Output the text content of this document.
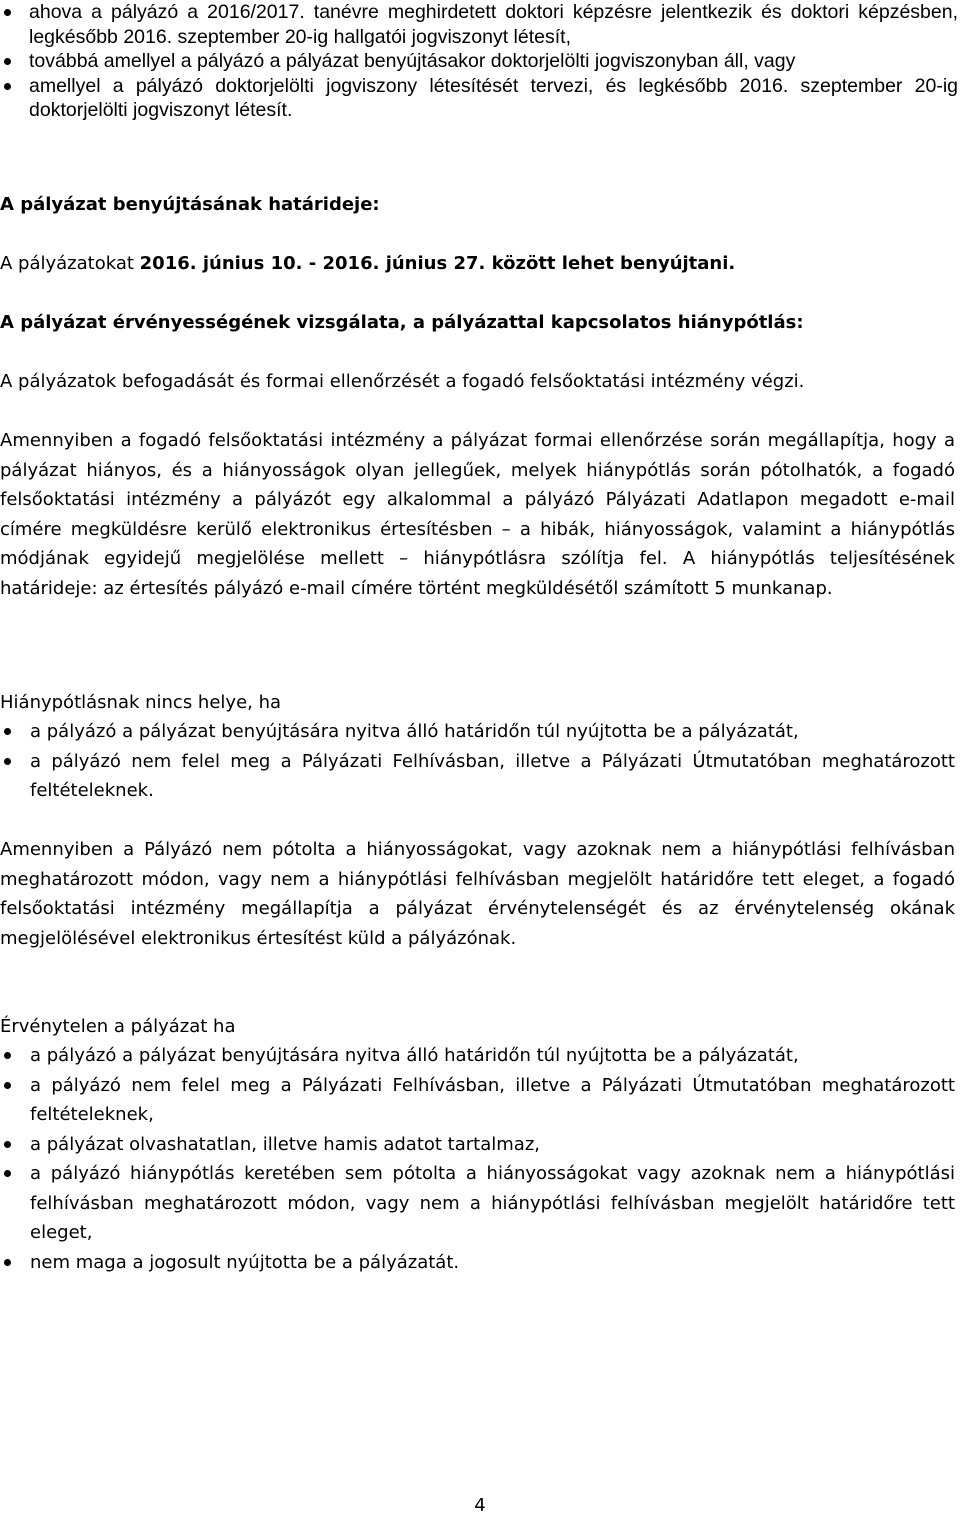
ahova a pályázó a 2016/2017. tanévre meghirdetett doktori képzésre jelentkezik és doktori képzésben, legkésőbb 2016. szeptember 20-ig hallgatói jogviszonyt létesít,
továbbá amellyel a pályázó a pályázat benyújtásakor doktorjelölti jogviszonyban áll, vagy
amellyel a pályázó doktorjelölti jogviszony létesítését tervezi, és legkésőbb 2016. szeptember 20-ig doktorjelölti jogviszonyt létesít.

A pályázat benyújtásának határideje:

A pályázatokat 2016. június 10. - 2016. június 27. között lehet benyújtani.

A pályázat érvényességének vizsgálata, a pályázattal kapcsolatos hiánypótlás:

A pályázatok befogadását és formai ellenőrzését a fogadó felsőoktatási intézmény végzi.

Amennyiben a fogadó felsőoktatási intézmény a pályázat formai ellenőrzése során megállapítja, hogy a pályázat hiányos, és a hiányosságok olyan jellegűek, melyek hiánypótlás során pótolhatók, a fogadó felsőoktatási intézmény a pályázót egy alkalommal a pályázó Pályázati Adatlapon megadott e-mail címére megküldésre kerülő elektronikus értesítésben – a hibák, hiányosságok, valamint a hiánypótlás módjának egyidejű megjelölése mellett – hiánypótlásra szólítja fel. A hiánypótlás teljesítésének határideje: az értesítés pályázó e-mail címére történt megküldésétől számított 5 munkanap.

Hiánypótlásnak nincs helye, ha

a pályázó a pályázat benyújtására nyitva álló határidőn túl nyújtotta be a pályázatát,
a pályázó nem felel meg a Pályázati Felhívásban, illetve a Pályázati Útmutatóban meghatározott feltételeknek.

Amennyiben a Pályázó nem pótolta a hiányosságokat, vagy azoknak nem a hiánypótlási felhívásban meghatározott módon, vagy nem a hiánypótlási felhívásban megjelölt határidőre tett eleget, a fogadó felsőoktatási intézmény megállapítja a pályázat érvénytelenségét és az érvénytelenség okának megjelölésével elektronikus értesítést küld a pályázónak.

Érvénytelen a pályázat ha

a pályázó a pályázat benyújtására nyitva álló határidőn túl nyújtotta be a pályázatát,
a pályázó nem felel meg a Pályázati Felhívásban, illetve a Pályázati Útmutatóban meghatározott feltételeknek,
a pályázat olvashatatlan, illetve hamis adatot tartalmaz,
a pályázó hiánypótlás keretében sem pótolta a hiányosságokat vagy azoknak nem a hiánypótlási felhívásban meghatározott módon, vagy nem a hiánypótlási felhívásban megjelölt határidőre tett eleget,
nem maga a jogosult nyújtotta be a pályázatát.
4
